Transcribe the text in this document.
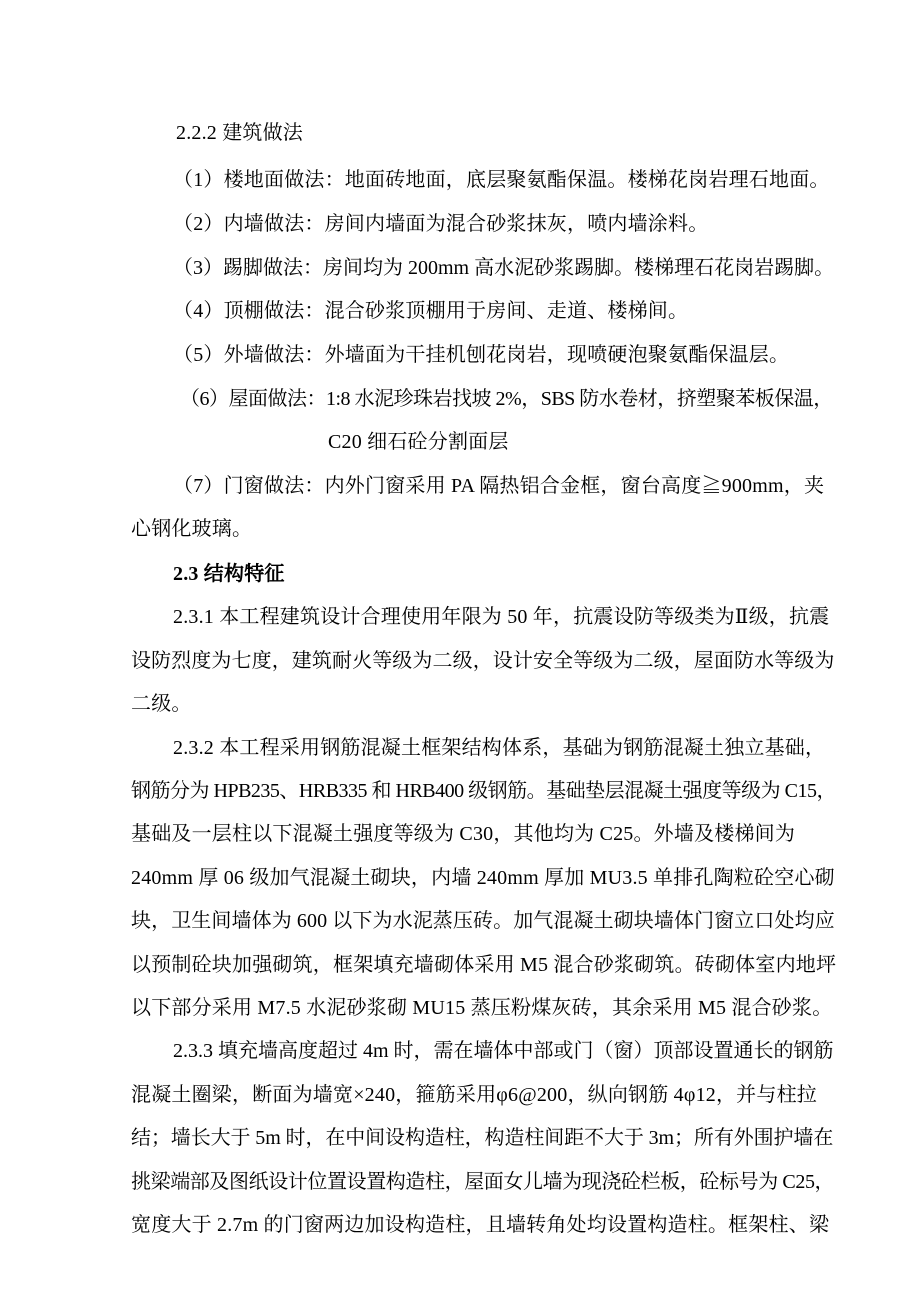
2.2.2 建筑做法
（1）楼地面做法：地面砖地面，底层聚氨酯保温。楼梯花岗岩理石地面。
（2）内墙做法：房间内墙面为混合砂浆抹灰，喷内墙涂料。
（3）踢脚做法：房间均为 200mm 高水泥砂浆踢脚。楼梯理石花岗岩踢脚。
（4）顶棚做法：混合砂浆顶棚用于房间、走道、楼梯间。
（5）外墙做法：外墙面为干挂机刨花岗岩，现喷硬泡聚氨酯保温层。
（6）屋面做法：1:8 水泥珍珠岩找坡 2%，SBS 防水卷材，挤塑聚苯板保温，
C20 细石砼分割面层
（7）门窗做法：内外门窗采用 PA 隔热铝合金框，窗台高度≧900mm，夹
心钢化玻璃。
2.3 结构特征
2.3.1 本工程建筑设计合理使用年限为 50 年，抗震设防等级类为Ⅱ级，抗震
设防烈度为七度，建筑耐火等级为二级，设计安全等级为二级，屋面防水等级为
二级。
2.3.2 本工程采用钢筋混凝土框架结构体系，基础为钢筋混凝土独立基础，
钢筋分为 HPB235、HRB335 和 HRB400 级钢筋。基础垫层混凝土强度等级为 C15，
基础及一层柱以下混凝土强度等级为 C30，其他均为 C25。外墙及楼梯间为
240mm 厚 06 级加气混凝土砌块，内墙 240mm 厚加 MU3.5 单排孔陶粒砼空心砌
块，卫生间墙体为 600 以下为水泥蒸压砖。加气混凝土砌块墙体门窗立口处均应
以预制砼块加强砌筑，框架填充墙砌体采用 M5 混合砂浆砌筑。砖砌体室内地坪
以下部分采用 M7.5 水泥砂浆砌 MU15 蒸压粉煤灰砖，其余采用 M5 混合砂浆。
2.3.3 填充墙高度超过 4m 时，需在墙体中部或门（窗）顶部设置通长的钢筋
混凝土圈梁，断面为墙宽×240，箍筋采用φ6@200，纵向钢筋 4φ12，并与柱拉
结；墙长大于 5m 时，在中间设构造柱，构造柱间距不大于 3m；所有外围护墙在
挑梁端部及图纸设计位置设置构造柱，屋面女儿墙为现浇砼栏板，砼标号为 C25，
宽度大于 2.7m 的门窗两边加设构造柱，且墙转角处均设置构造柱。框架柱、梁
